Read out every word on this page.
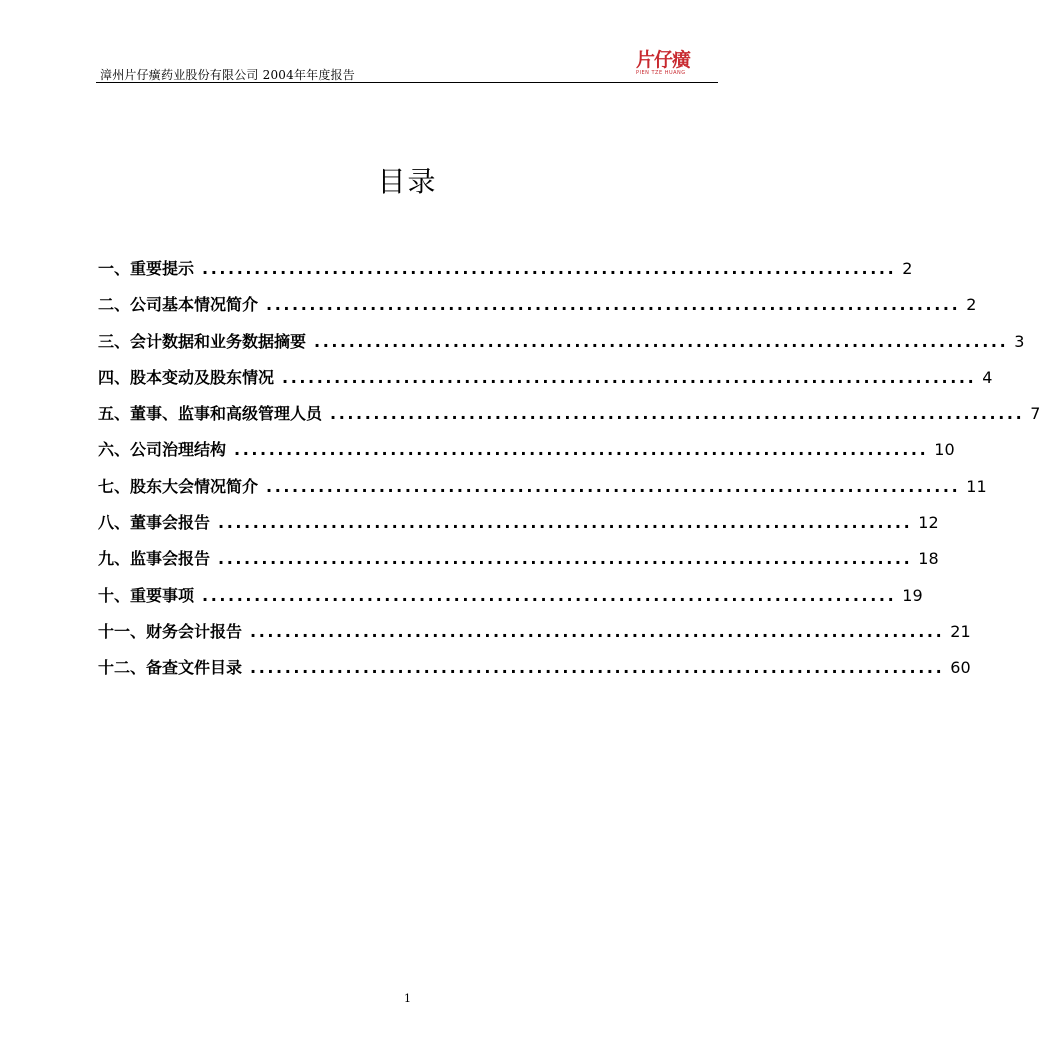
漳州片仔癀药业股份有限公司 2004年年度报告
片仔癀
PIEN TZE HUANG
目录
一、重要提示 ................................................................................ 2
二、公司基本情况简介 ................................................................................ 2
三、会计数据和业务数据摘要 ................................................................................ 3
四、股本变动及股东情况 ................................................................................ 4
五、董事、监事和高级管理人员 ................................................................................ 7
六、公司治理结构 ................................................................................ 10
七、股东大会情况简介 ................................................................................ 11
八、董事会报告 ................................................................................ 12
九、监事会报告 ................................................................................ 18
十、重要事项 ................................................................................ 19
十一、财务会计报告 ................................................................................ 21
十二、备查文件目录 ................................................................................ 60
1
